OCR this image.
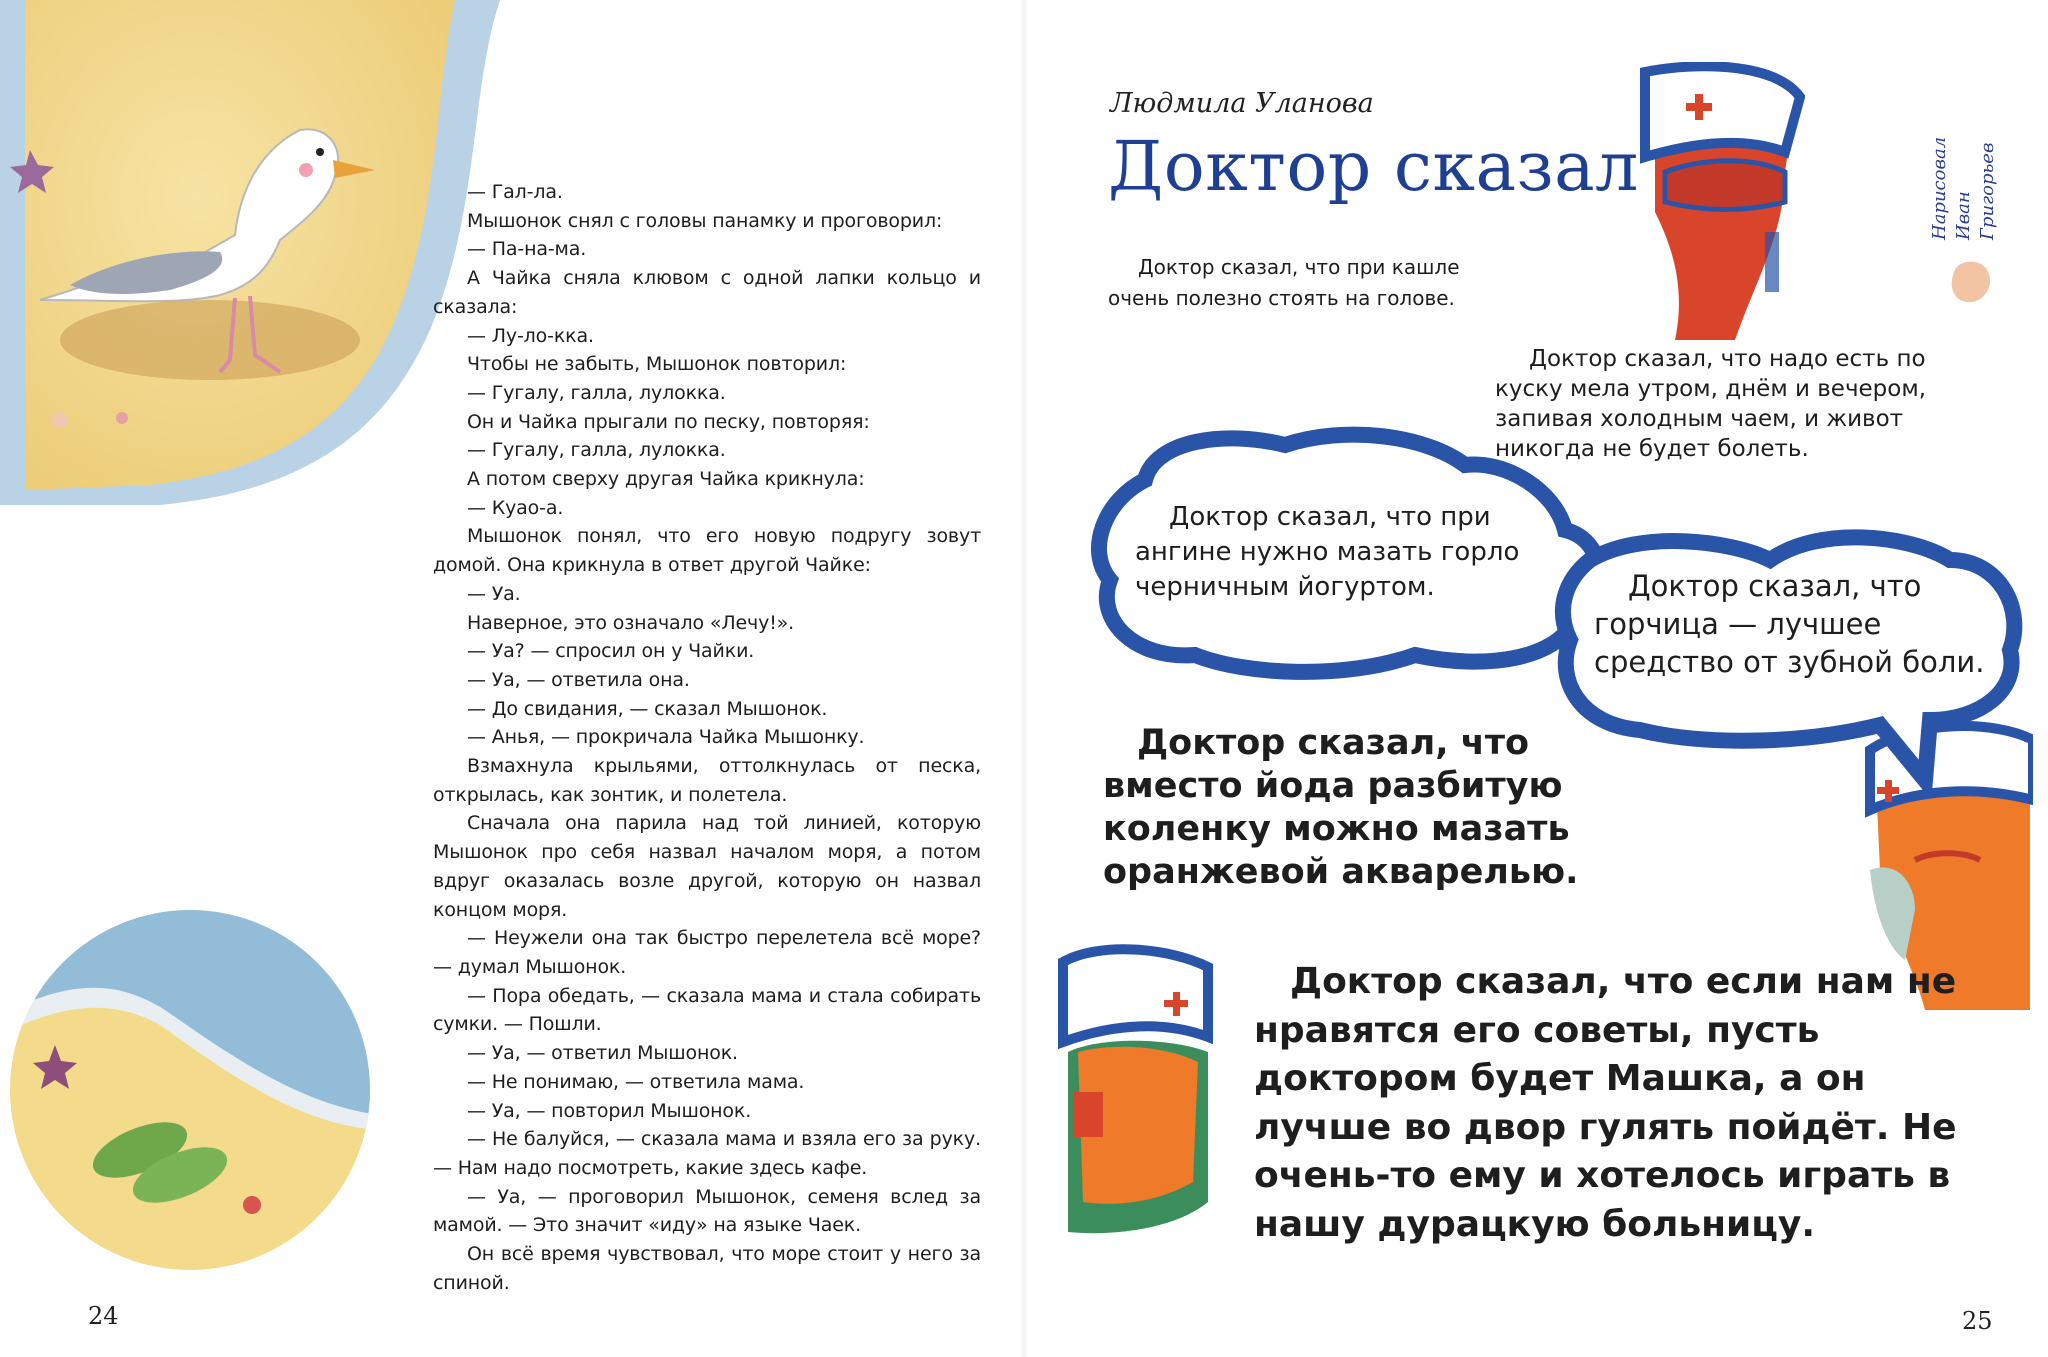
— Гал-ла.

Мышонок снял с головы панамку и проговорил:

— Па-на-ма.

А Чайка сняла клювом с одной лапки кольцо и сказала:

— Лу-ло-кка.

Чтобы не забыть, Мышонок повторил:

— Гугалу, галла, лулокка.

Он и Чайка прыгали по песку, повторяя:

— Гугалу, галла, лулокка.

А потом сверху другая Чайка крикнула:

— Куао-а.

Мышонок понял, что его новую подругу зовут домой. Она крикнула в ответ другой Чайке:

— Уа.

Наверное, это означало «Лечу!».

— Уа? — спросил он у Чайки.

— Уа, — ответила она.

— До свидания, — сказал Мышонок.

— Анья, — прокричала Чайка Мышонку.

Взмахнула крыльями, оттолкнулась от песка, открылась, как зонтик, и полетела.

Сначала она парила над той линией, которую Мышонок про себя назвал началом моря, а потом вдруг оказалась возле другой, которую он назвал концом моря.

— Неужели она так быстро перелетела всё море? — думал Мышонок.

— Пора обедать, — сказала мама и стала собирать сумки. — Пошли.

— Уа, — ответил Мышонок.

— Не понимаю, — ответила мама.

— Уа, — повторил Мышонок.

— Не балуйся, — сказала мама и взяла его за руку. — Нам надо посмотреть, какие здесь кафе.

— Уа, — проговорил Мышонок, семеня вслед за мамой. — Это значит «иду» на языке Чаек.

Он всё время чувствовал, что море стоит у него за спиной.

24
Людмила Уланова
Доктор сказал	Нарисовал Иван Григорьев
Доктор сказал, что при кашле очень полезно стоять на голове.
Доктор сказал, что надо есть по куску мела утром, днём и вечером, запивая холодным чаем, и живот никогда не будет болеть.
Доктор сказал, что при ангине нужно мазать горло черничным йогуртом.	Доктор сказал, что горчица — лучшее средство от зубной боли.
Доктор сказал, что вместо йода разбитую коленку можно мазать оранжевой акварелью.
Доктор сказал, что если нам не нравятся его советы, пусть доктором будет Машка, а он лучше во двор гулять пойдёт. Не очень-то ему и хотелось играть в нашу дурацкую больницу.
25
